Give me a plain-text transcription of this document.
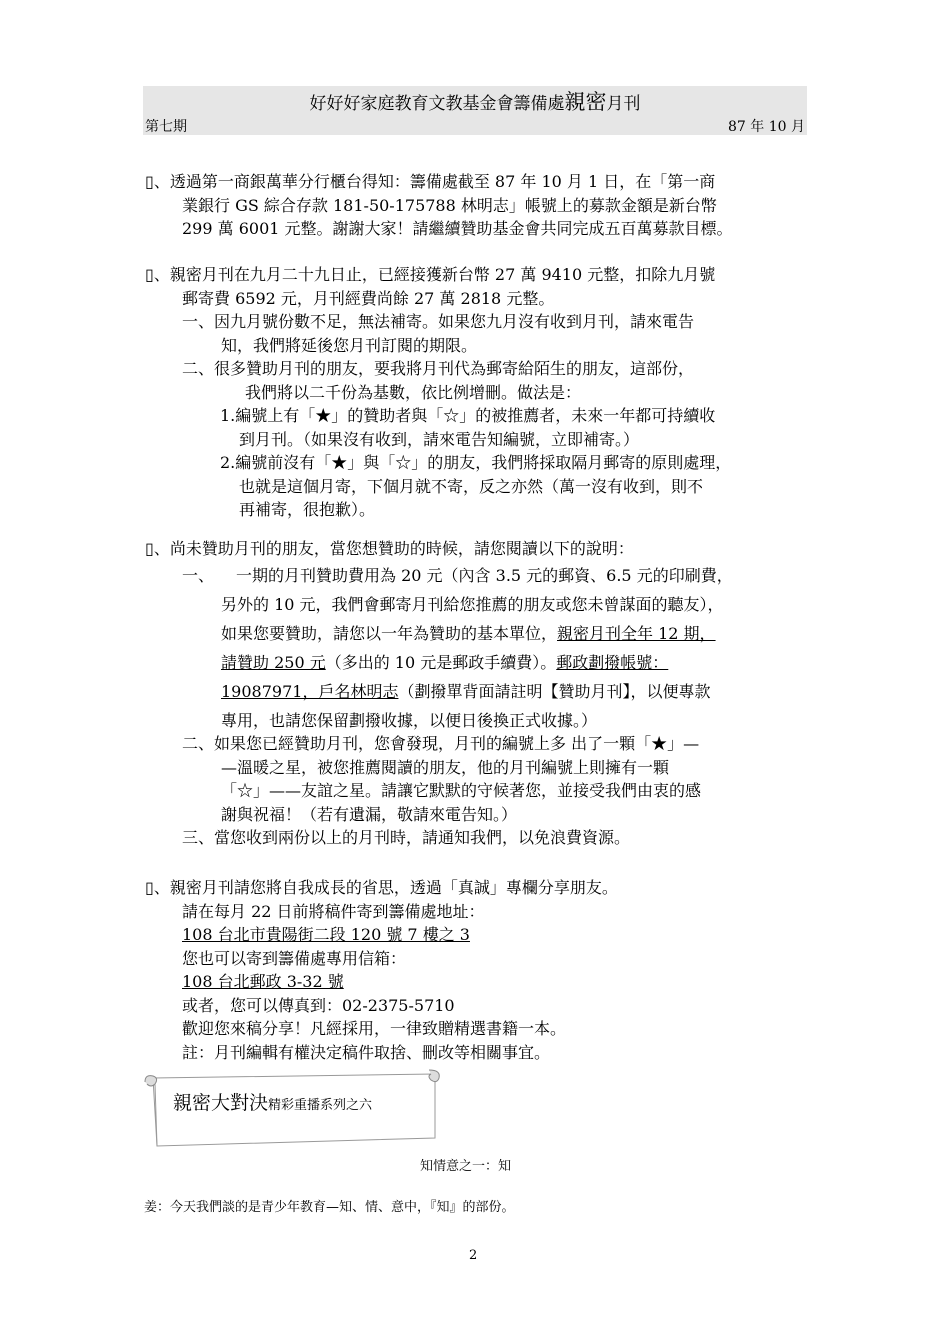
好好好家庭教育文教基金會籌備處親密月刊
第七期	87 年 10 月

▯、透過第一商銀萬華分行櫃台得知：籌備處截至 87 年 10 月 1 日，在「第一商

業銀行 GS 綜合存款 181-50-175788 林明志」帳號上的募款金額是新台幣

299 萬 6001 元整。謝謝大家！請繼續贊助基金會共同完成五百萬募款目標。

▯、親密月刊在九月二十九日止，已經接獲新台幣 27 萬 9410 元整，扣除九月號

郵寄費 6592 元，月刊經費尚餘 27 萬 2818 元整。

一、因九月號份數不足，無法補寄。如果您九月沒有收到月刊，請來電告

知，我們將延後您月刊訂閱的期限。

二、很多贊助月刊的朋友，要我將月刊代為郵寄給陌生的朋友，這部份，

我們將以二千份為基數，依比例增刪。做法是：

1.編號上有「★」的贊助者與「☆」的被推薦者，未來一年都可持續收

到月刊。（如果沒有收到，請來電告知編號，立即補寄。）

2.編號前沒有「★」與「☆」的朋友，我們將採取隔月郵寄的原則處理，

也就是這個月寄，下個月就不寄，反之亦然（萬一沒有收到，則不

再補寄，很抱歉）。

▯、尚未贊助月刊的朋友，當您想贊助的時候，請您閱讀以下的說明：

一、 一期的月刊贊助費用為 20 元（內含 3.5 元的郵資、6.5 元的印刷費，

另外的 10 元，我們會郵寄月刊給您推薦的朋友或您未曾謀面的聽友），

如果您要贊助，請您以一年為贊助的基本單位，親密月刊全年 12 期，

請贊助 250 元（多出的 10 元是郵政手續費）。郵政劃撥帳號：

19087971，戶名林明志（劃撥單背面請註明【贊助月刊】，以便專款

專用，也請您保留劃撥收據，以便日後換正式收據。）

二、如果您已經贊助月刊，您會發現，月刊的編號上多 出了一顆「★」—

—溫暖之星，被您推薦閱讀的朋友，他的月刊編號上則擁有一顆

「☆」——友誼之星。請讓它默默的守候著您，並接受我們由衷的感

謝與祝福！（若有遺漏，敬請來電告知。）

三、當您收到兩份以上的月刊時，請通知我們，以免浪費資源。

▯、親密月刊請您將自我成長的省思，透過「真誠」專欄分享朋友。

請在每月 22 日前將稿件寄到籌備處地址：

108 台北市貴陽街二段 120 號 7 樓之 3

您也可以寄到籌備處專用信箱：

108 台北郵政 3-32 號

或者，您可以傳真到：02-2375-5710

歡迎您來稿分享！凡經採用，一律致贈精選書籍一本。

註：月刊編輯有權決定稿件取捨、刪改等相關事宜。

親密大對決精彩重播系列之六
知情意之一：知
姜：今天我們談的是青少年教育—知、情、意中，『知』的部份。
2
